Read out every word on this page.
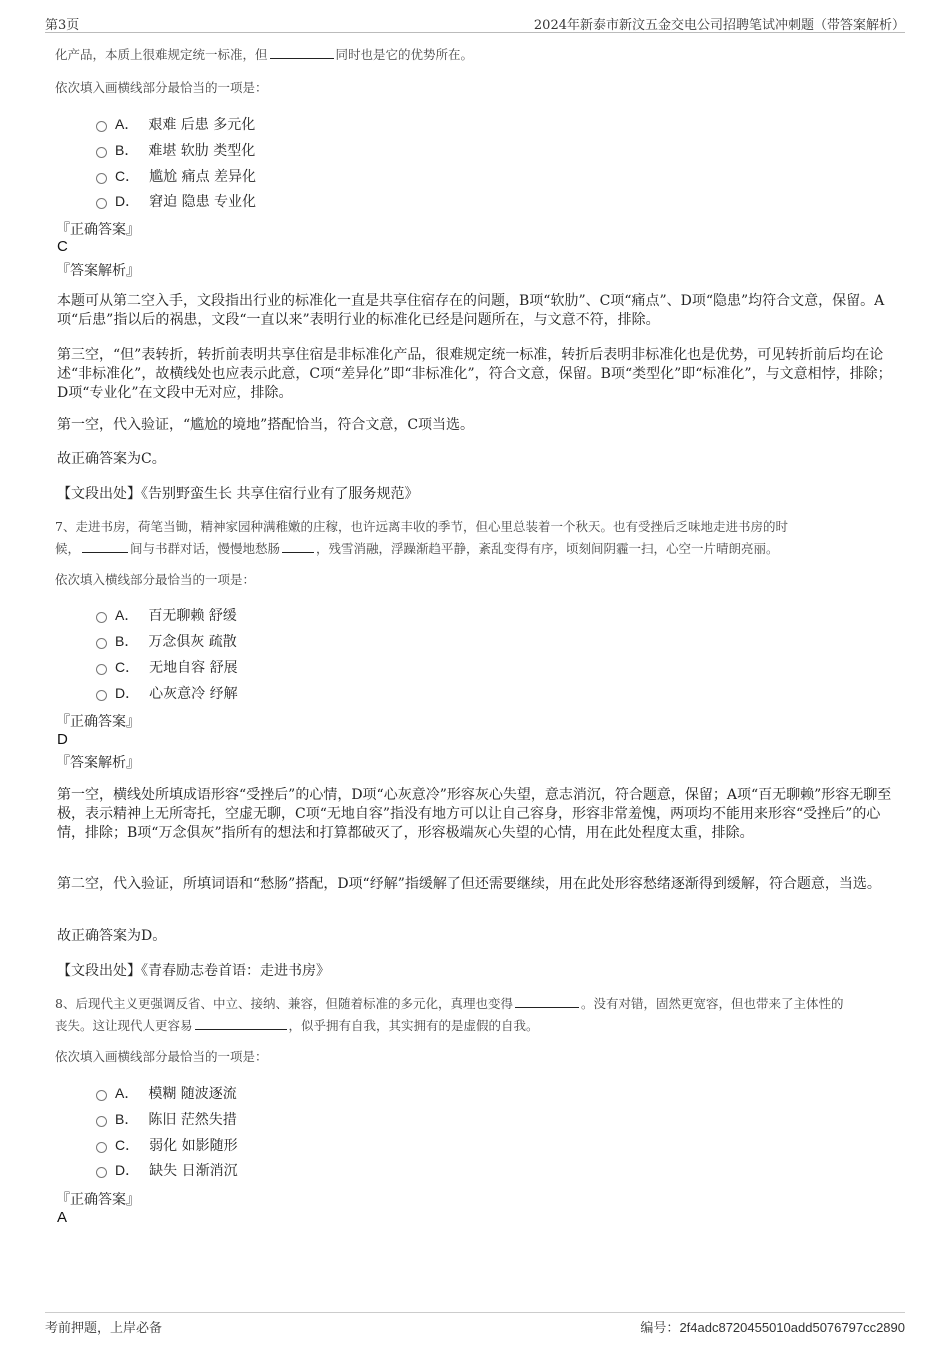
第3页	2024年新泰市新汶五金交电公司招聘笔试冲刺题（带答案解析）
化产品，本质上很难规定统一标准，但	同时也是它的优势所在。
依次填入画横线部分最恰当的一项是：
A． 艰难 后患 多元化
B． 难堪 软肋 类型化
C． 尴尬 痛点 差异化
D． 窘迫 隐患 专业化
『正确答案』
C
『答案解析』
本题可从第二空入手，文段指出行业的标准化一直是共享住宿存在的问题，B项“软肋”、C项“痛点”、D项“隐患”均符合文意，保留。A项“后患”指以后的祸患，文段“一直以来”表明行业的标准化已经是问题所在，与文意不符，排除。
第三空，“但”表转折，转折前表明共享住宿是非标准化产品，很难规定统一标准，转折后表明非标准化也是优势，可见转折前后均在论述“非标准化”，故横线处也应表示此意，C项“差异化”即“非标准化”，符合文意，保留。B项“类型化”即“标准化”，与文意相悖，排除；D项“专业化”在文段中无对应，排除。
第一空，代入验证，“尴尬的境地”搭配恰当，符合文意，C项当选。
故正确答案为C。
【文段出处】《告别野蛮生长 共享住宿行业有了服务规范》
7、走进书房，荷笔当锄，精神家园种满稚嫩的庄稼，也许远离丰收的季节，但心里总装着一个秋天。也有受挫后乏味地走进书房的时
候，	间与书群对话，慢慢地愁肠	，残雪消融，浮躁渐趋平静，紊乱变得有序，顷刻间阴霾一扫，心空一片晴朗亮丽。
依次填入横线部分最恰当的一项是：
A． 百无聊赖 舒缓
B． 万念俱灰 疏散
C． 无地自容 舒展
D． 心灰意冷 纾解
『正确答案』
D
『答案解析』
第一空，横线处所填成语形容“受挫后”的心情，D项“心灰意冷”形容灰心失望，意志消沉，符合题意，保留；A项“百无聊赖”形容无聊至极，表示精神上无所寄托，空虚无聊，C项“无地自容”指没有地方可以让自己容身，形容非常羞愧，两项均不能用来形容“受挫后”的心情，排除；B项“万念俱灰”指所有的想法和打算都破灭了，形容极端灰心失望的心情，用在此处程度太重，排除。
第二空，代入验证，所填词语和“愁肠”搭配，D项“纾解”指缓解了但还需要继续，用在此处形容愁绪逐渐得到缓解，符合题意，当选。
故正确答案为D。
【文段出处】《青春励志卷首语：走进书房》
8、后现代主义更强调反省、中立、接纳、兼容，但随着标准的多元化，真理也变得	。没有对错，固然更宽容，但也带来了主体性的
丧失。这让现代人更容易	，似乎拥有自我，其实拥有的是虚假的自我。
依次填入画横线部分最恰当的一项是：
A． 模糊 随波逐流
B． 陈旧 茫然失措
C． 弱化 如影随形
D． 缺失 日渐消沉
『正确答案』
A
考前押题，上岸必备	编号：2f4adc8720455010add5076797cc2890
